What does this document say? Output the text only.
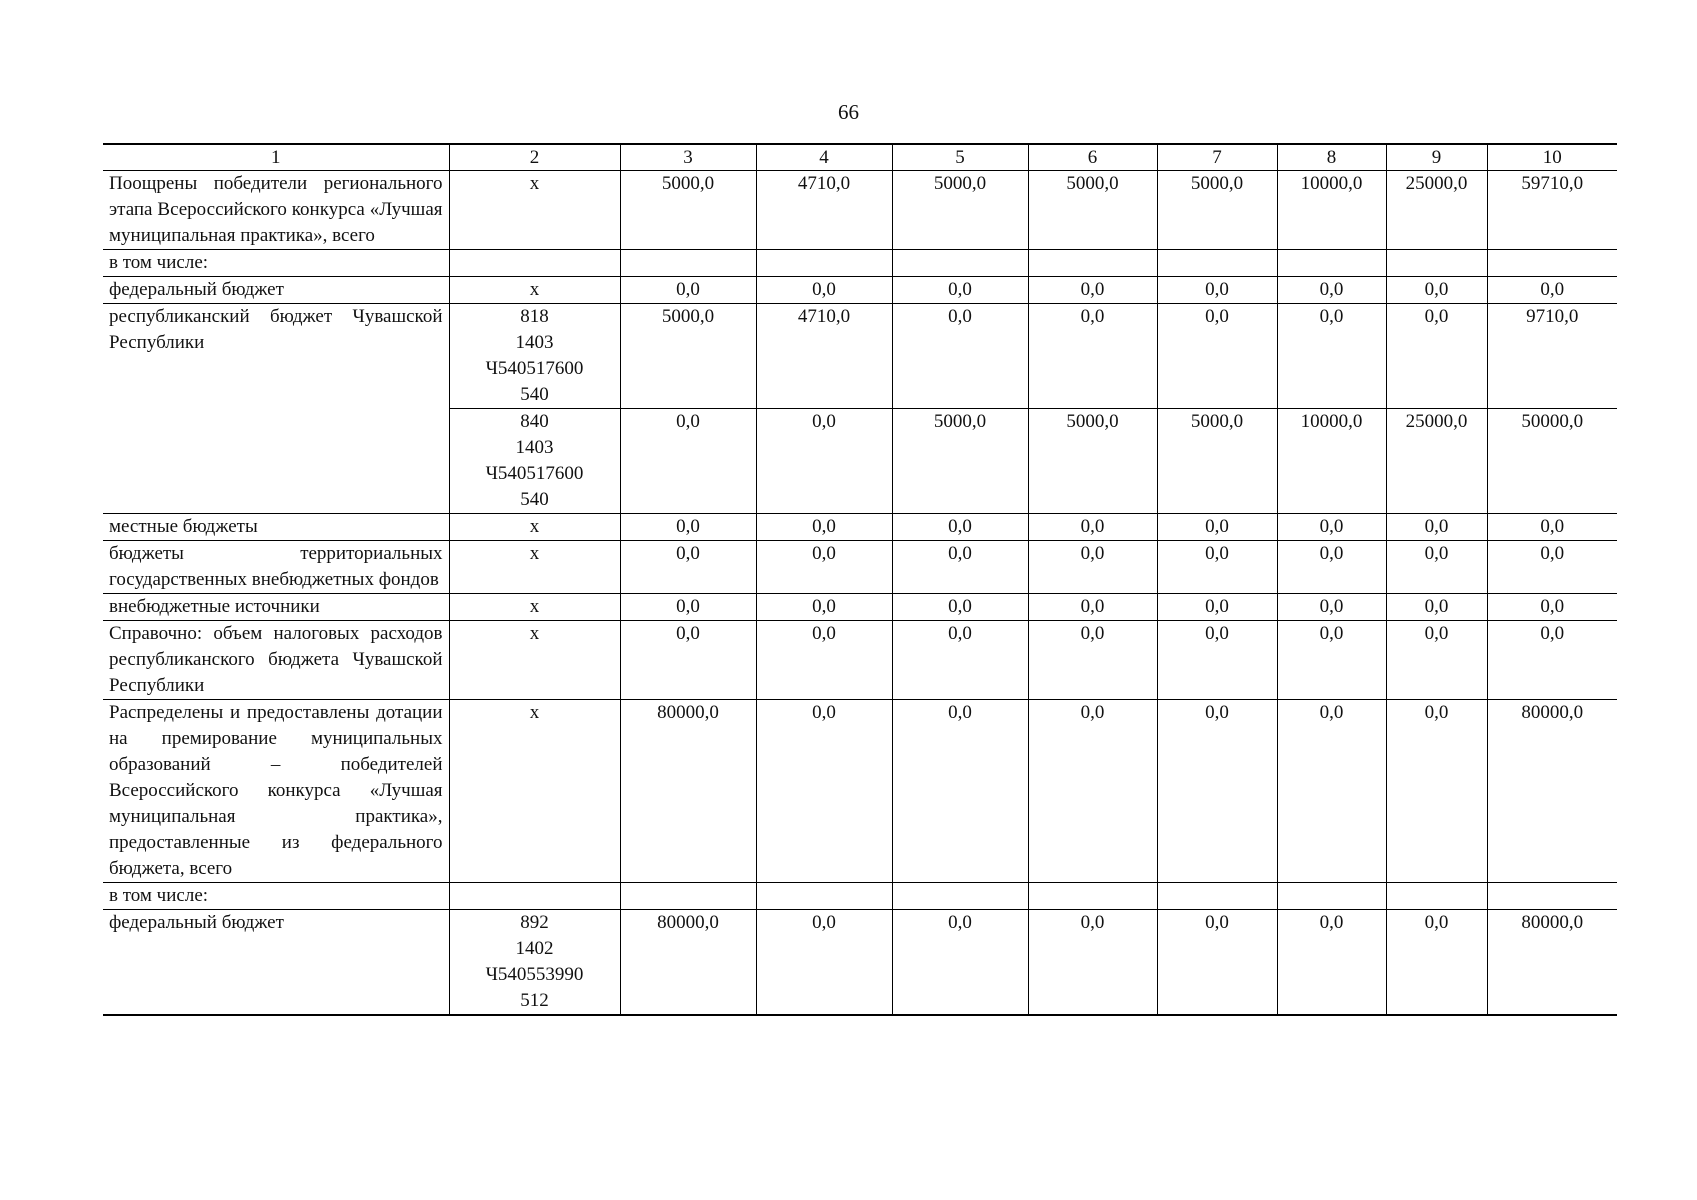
66
1	2	3	4	5	6	7	8	9	10
Поощрены победители регионального этапа Всероссийского конкурса «Лучшая муниципальная практика», всего	х	5000,0	4710,0	5000,0	5000,0	5000,0	10000,0	25000,0	59710,0
в том числе:									
федеральный бюджет	х	0,0	0,0	0,0	0,0	0,0	0,0	0,0	0,0
республиканский бюджет Чувашской Республики	818
1403
Ч540517600
540	5000,0	4710,0	0,0	0,0	0,0	0,0	0,0	9710,0
	840
1403
Ч540517600
540	0,0	0,0	5000,0	5000,0	5000,0	10000,0	25000,0	50000,0
местные бюджеты	х	0,0	0,0	0,0	0,0	0,0	0,0	0,0	0,0
бюджеты территориальных государственных внебюджетных фондов	х	0,0	0,0	0,0	0,0	0,0	0,0	0,0	0,0
внебюджетные источники	х	0,0	0,0	0,0	0,0	0,0	0,0	0,0	0,0
Справочно: объем налоговых расходов республиканского бюджета Чувашской Республики	х	0,0	0,0	0,0	0,0	0,0	0,0	0,0	0,0
Распределены и предоставлены дотации на премирование муниципальных образований – победителей Всероссийского конкурса «Лучшая муниципальная практика», предоставленные из федерального бюджета, всего	х	80000,0	0,0	0,0	0,0	0,0	0,0	0,0	80000,0
в том числе:									
федеральный бюджет	892
1402
Ч540553990
512	80000,0	0,0	0,0	0,0	0,0	0,0	0,0	80000,0
